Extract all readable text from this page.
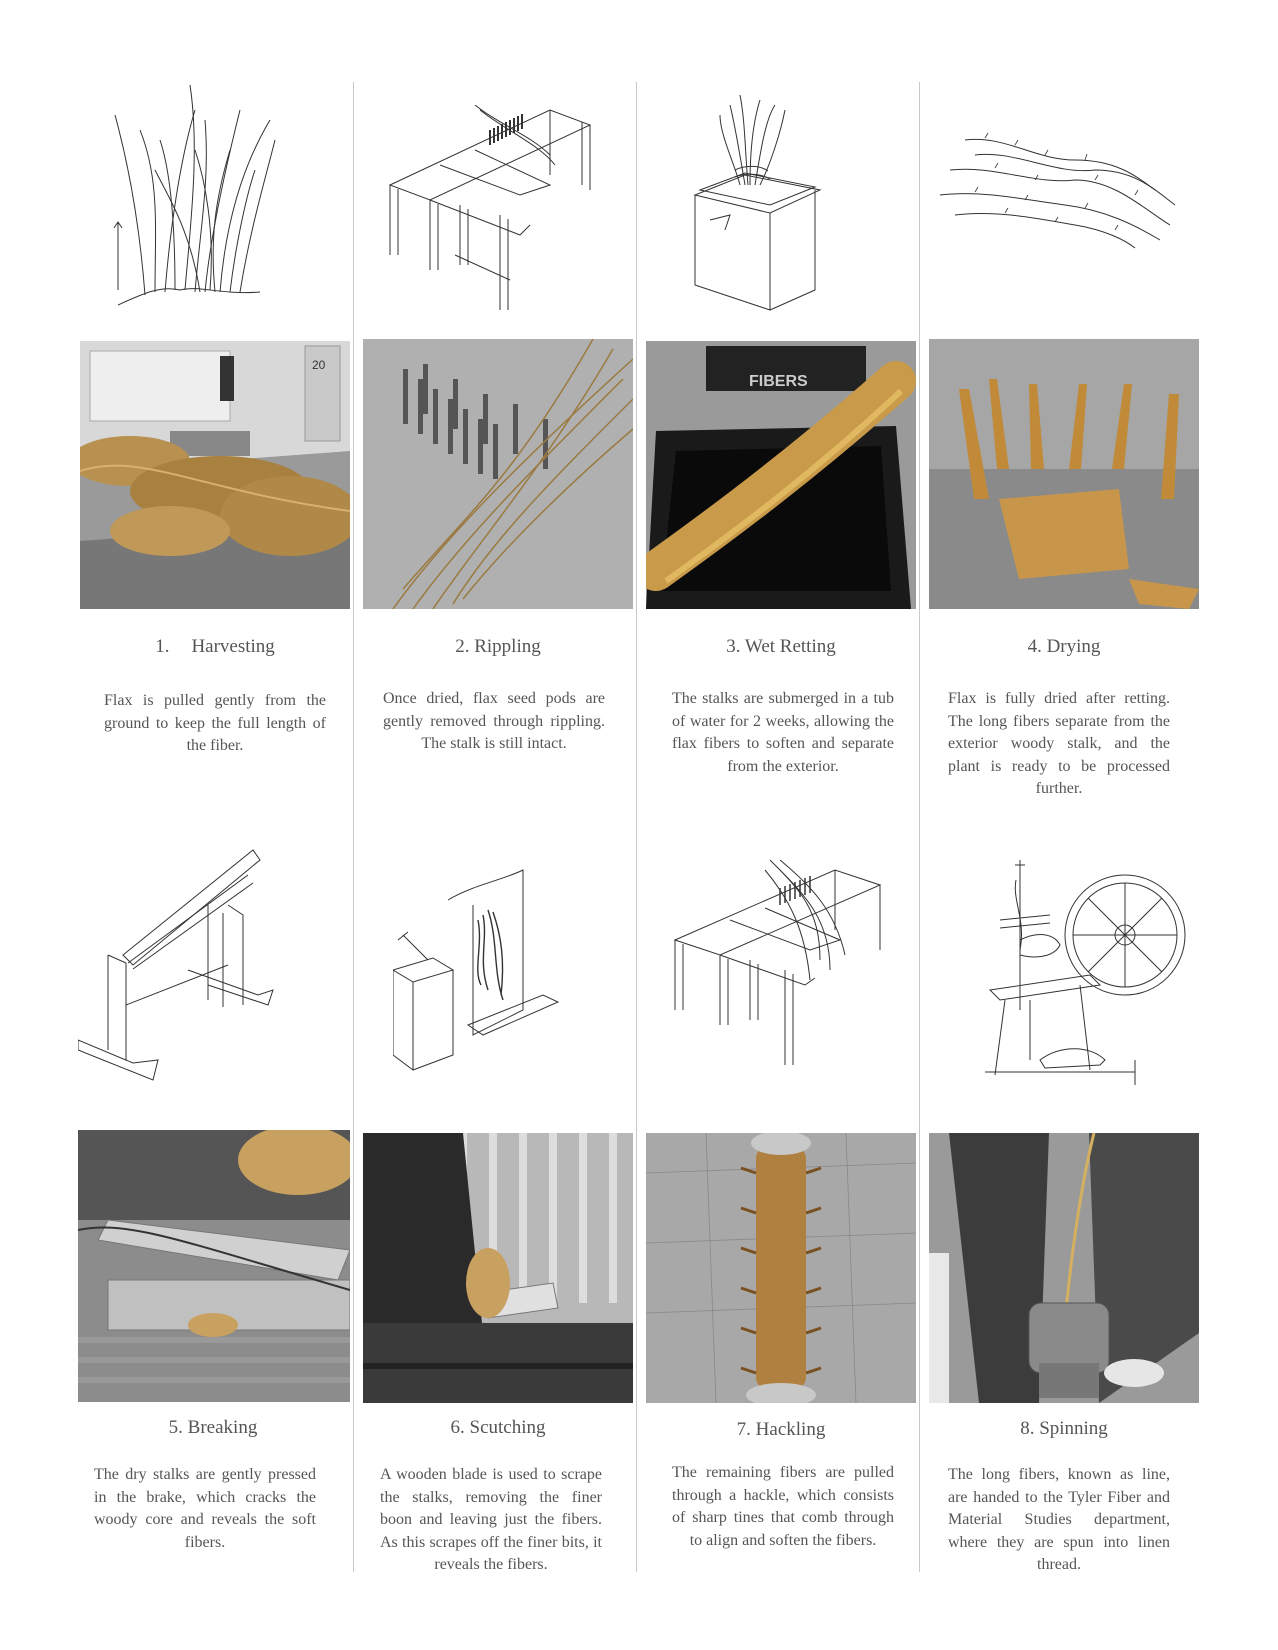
20
FIBERS
1. Harvesting
Flax is pulled gently from the ground to keep the full length of the fiber.
2. Rippling
Once dried, flax seed pods are gently removed through rippling. The stalk is still intact.
3. Wet Retting
The stalks are submerged in a tub of water for 2 weeks, allowing the flax fibers to soften and separate from the exterior.
4. Drying
Flax is fully dried after retting. The long fibers separate from the exterior woody stalk, and the plant is ready to be processed further.
5. Breaking
The dry stalks are gently pressed in the brake, which cracks the woody core and reveals the soft fibers.
6. Scutching
A wooden blade is used to scrape the stalks, removing the finer boon and leaving just the fibers. As this scrapes off the finer bits, it reveals the fibers.
7. Hackling
The remaining fibers are pulled through a hackle, which consists of sharp tines that comb through to align and soften the fibers.
8. Spinning
The long fibers, known as line, are handed to the Tyler Fiber and Material Studies department, where they are spun into linen thread.
